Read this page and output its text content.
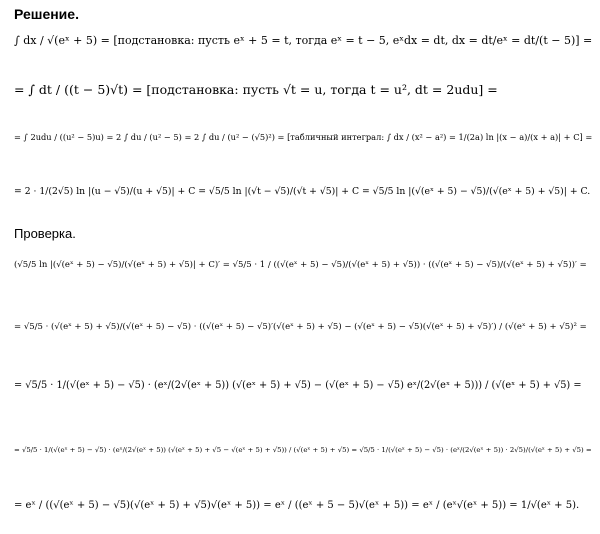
Решение.
∫ dx / √(eˣ + 5) = [подстановка: пусть eˣ + 5 = t, тогда eˣ = t − 5, eˣdx = dt, dx = dt/eˣ = dt/(t − 5)] =
= ∫ dt / ((t − 5)√t) = [подстановка: пусть √t = u, тогда t = u², dt = 2udu] =
= ∫ 2udu / ((u² − 5)u) = 2 ∫ du / (u² − 5) = 2 ∫ du / (u² − (√5)²) = [табличный интеграл: ∫ dx / (x² − a²) = 1/(2a) ln |(x − a)/(x + a)| + C] =
= 2 · 1/(2√5) ln |(u − √5)/(u + √5)| + C = √5/5 ln |(√t − √5)/(√t + √5)| + C = √5/5 ln |(√(eˣ + 5) − √5)/(√(eˣ + 5) + √5)| + C.
Проверка.
(√5/5 ln |(√(eˣ + 5) − √5)/(√(eˣ + 5) + √5)| + C)′ = √5/5 · 1 / ((√(eˣ + 5) − √5)/(√(eˣ + 5) + √5)) · ((√(eˣ + 5) − √5)/(√(eˣ + 5) + √5))′ =
= √5/5 · (√(eˣ + 5) + √5)/(√(eˣ + 5) − √5) · ((√(eˣ + 5) − √5)′(√(eˣ + 5) + √5) − (√(eˣ + 5) − √5)(√(eˣ + 5) + √5)′) / (√(eˣ + 5) + √5)² =
= √5/5 · 1/(√(eˣ + 5) − √5) · (eˣ/(2√(eˣ + 5)) (√(eˣ + 5) + √5) − (√(eˣ + 5) − √5) eˣ/(2√(eˣ + 5))) / (√(eˣ + 5) + √5) =
= √5/5 · 1/(√(eˣ + 5) − √5) · (eˣ/(2√(eˣ + 5)) (√(eˣ + 5) + √5 − √(eˣ + 5) + √5)) / (√(eˣ + 5) + √5) = √5/5 · 1/(√(eˣ + 5) − √5) · (eˣ/(2√(eˣ + 5)) · 2√5)/(√(eˣ + 5) + √5) =
= eˣ / ((√(eˣ + 5) − √5)(√(eˣ + 5) + √5)√(eˣ + 5)) = eˣ / ((eˣ + 5 − 5)√(eˣ + 5)) = eˣ / (eˣ√(eˣ + 5)) = 1/√(eˣ + 5).
